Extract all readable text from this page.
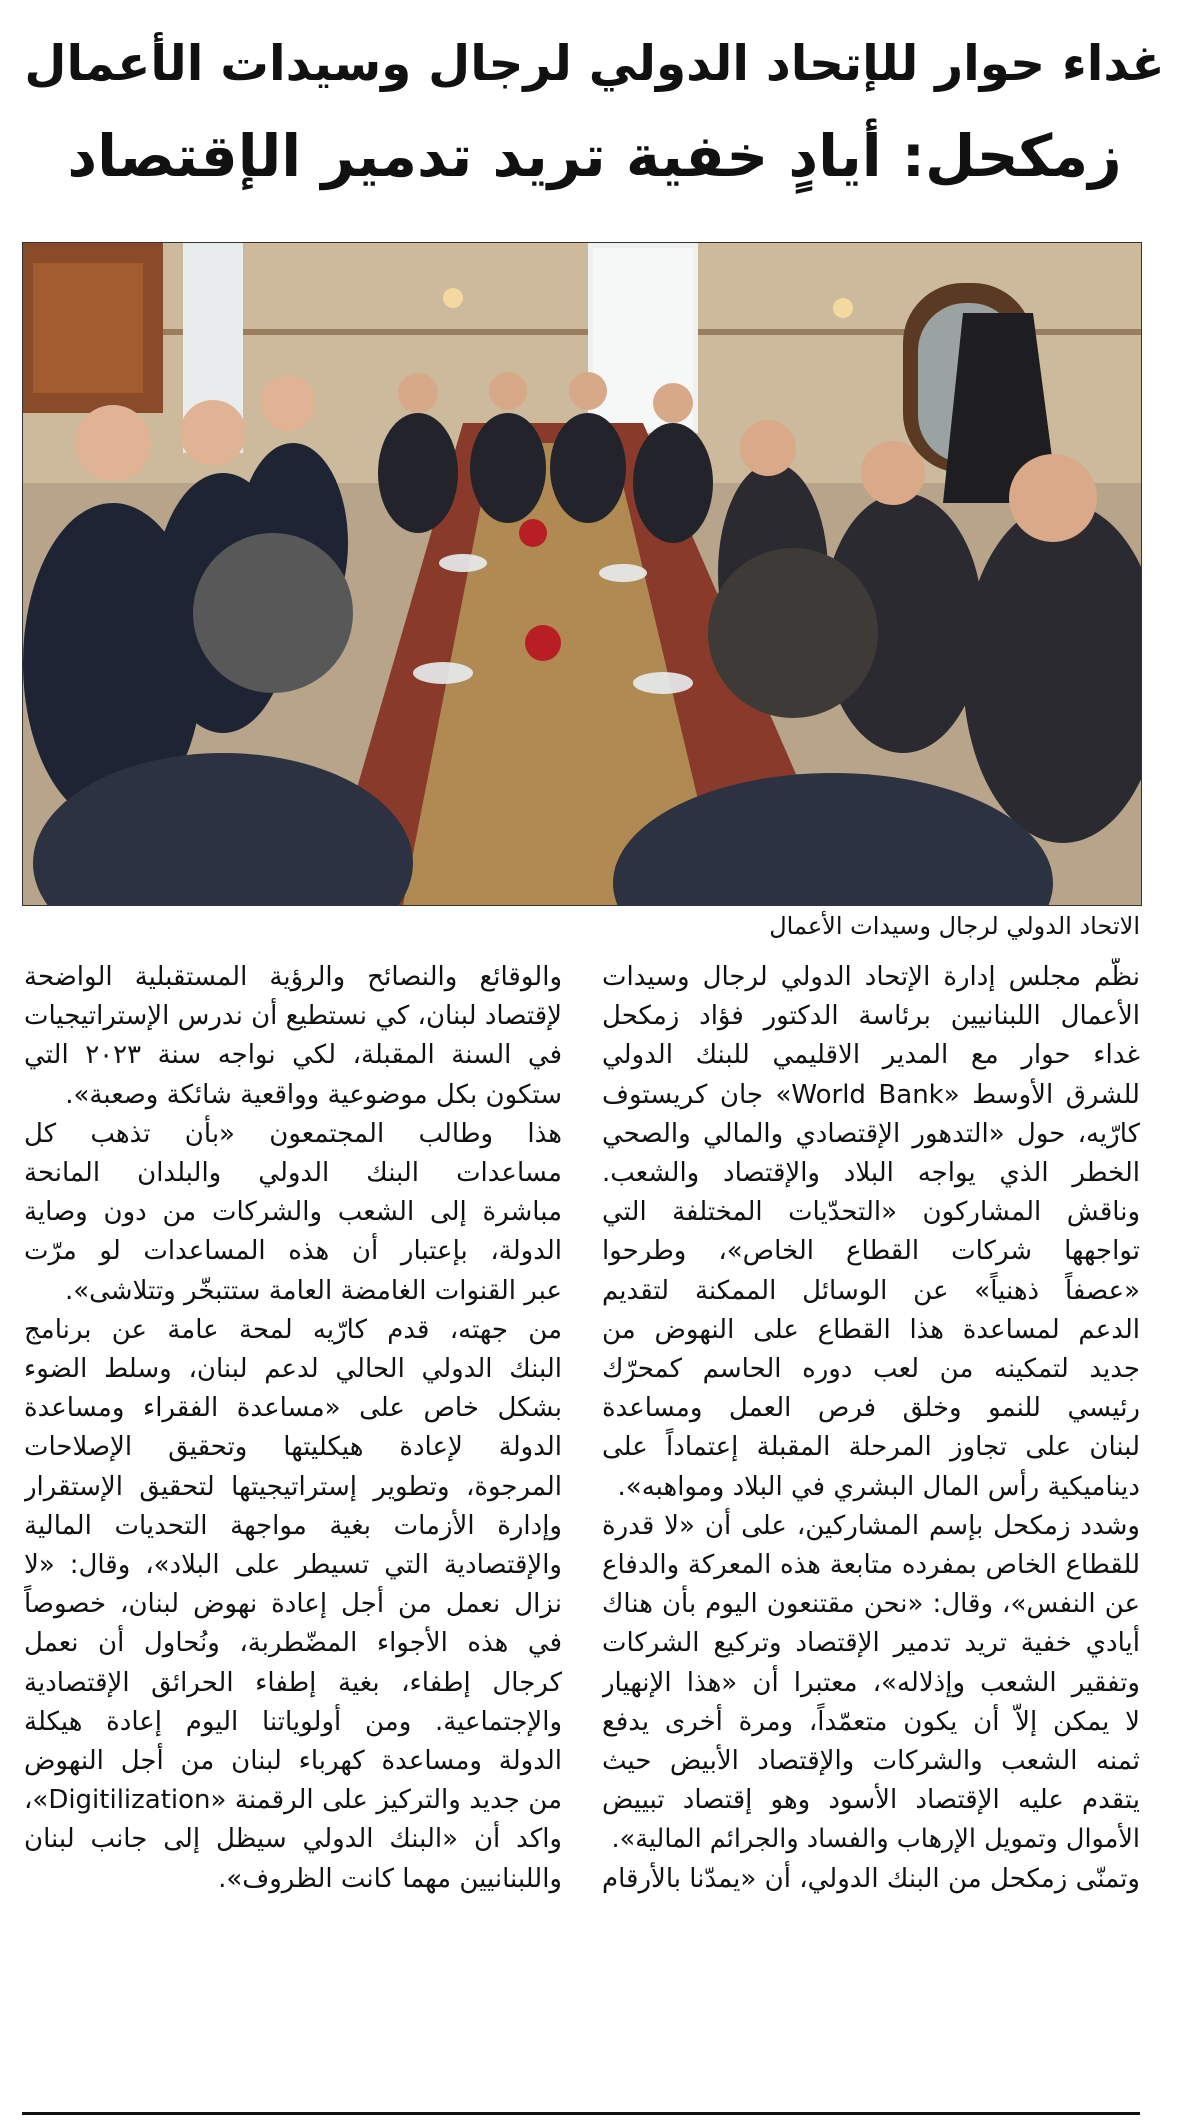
غداء حوار للإتحاد الدولي لرجال وسيدات الأعمال
زمكحل: أيادٍ خفية تريد تدمير الإقتصاد
الاتحاد الدولي لرجال وسيدات الأعمال

نظّم مجلس إدارة الإتحاد الدولي لرجال وسيدات
الأعمال اللبنانيين برئاسة الدكتور فؤاد زمكحل
غداء حوار مع المدير الاقليمي للبنك الدولي
للشرق الأوسط «World Bank» جان كريستوف
كارّيه، حول «التدهور الإقتصادي والمالي والصحي
الخطر الذي يواجه البلاد والإقتصاد والشعب.
وناقش المشاركون «التحدّيات المختلفة التي
تواجهها شركات القطاع الخاص»، وطرحوا
«عصفاً ذهنياً» عن الوسائل الممكنة لتقديم
الدعم لمساعدة هذا القطاع على النهوض من
جديد لتمكينه من لعب دوره الحاسم كمحرّك
رئيسي للنمو وخلق فرص العمل ومساعدة
لبنان على تجاوز المرحلة المقبلة إعتماداً على
ديناميكية رأس المال البشري في البلاد ومواهبه».
وشدد زمكحل بإسم المشاركين، على أن «لا قدرة
للقطاع الخاص بمفرده متابعة هذه المعركة والدفاع
عن النفس»، وقال: «نحن مقتنعون اليوم بأن هناك
أيادي خفية تريد تدمير الإقتصاد وتركيع الشركات
وتفقير الشعب وإذلاله»، معتبرا أن «هذا الإنهيار
لا يمكن إلاّ أن يكون متعمّداً، ومرة أُخرى يدفع
ثمنه الشعب والشركات والإقتصاد الأبيض حيث
يتقدم عليه الإقتصاد الأسود وهو إقتصاد تبييض
الأموال وتمويل الإرهاب والفساد والجرائم المالية».
وتمنّى زمكحل من البنك الدولي، أن «يمدّنا بالأرقام

والوقائع والنصائح والرؤية المستقبلية الواضحة
لإقتصاد لبنان، كي نستطيع أن ندرس الإستراتيجيات
في السنة المقبلة، لكي نواجه سنة ٢٠٢٣ التي
ستكون بكل موضوعية وواقعية شائكة وصعبة».
هذا وطالب المجتمعون «بأن تذهب كل
مساعدات البنك الدولي والبلدان المانحة
مباشرة إلى الشعب والشركات من دون وصاية
الدولة، بإعتبار أن هذه المساعدات لو مرّت
عبر القنوات الغامضة العامة ستتبخّر وتتلاشى».
من جهته، قدم كارّيه لمحة عامة عن برنامج
البنك الدولي الحالي لدعم لبنان، وسلط الضوء
بشكل خاص على «مساعدة الفقراء ومساعدة
الدولة لإعادة هيكليتها وتحقيق الإصلاحات
المرجوة، وتطوير إستراتيجيتها لتحقيق الإستقرار
وإدارة الأزمات بغية مواجهة التحديات المالية
والإقتصادية التي تسيطر على البلاد»، وقال: «لا
نزال نعمل من أجل إعادة نهوض لبنان، خصوصاً
في هذه الأجواء المضّطربة، ونُحاول أن نعمل
كرجال إطفاء، بغية إطفاء الحرائق الإقتصادية
والإجتماعية. ومن أولوياتنا اليوم إعادة هيكلة
الدولة ومساعدة كهرباء لبنان من أجل النهوض
من جديد والتركيز على الرقمنة «Digitilization»،
واكد أن «البنك الدولي سيظل إلى جانب لبنان
واللبنانيين مهما كانت الظروف».
